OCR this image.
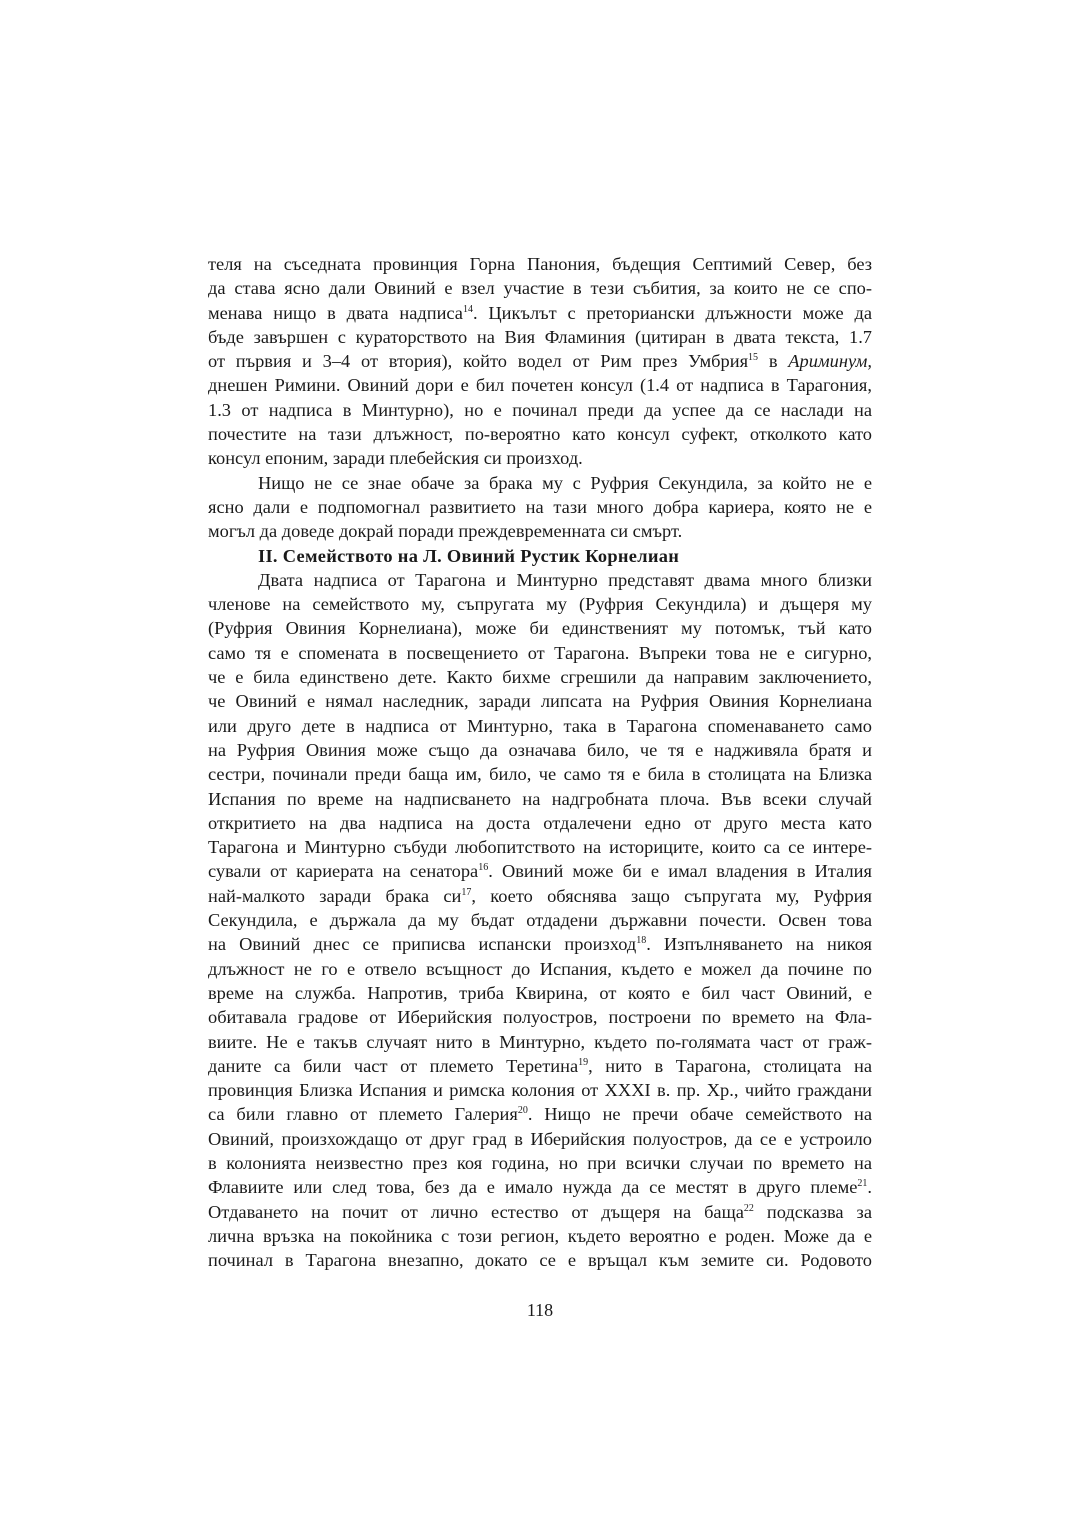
теля на съседната провинция Горна Панония, бъдещия Септимий Север, без
да става ясно дали Овиний е взел участие в тези събития, за които не се спо-
менава нищо в двата надписа$^{14}$. Цикълът с преториански длъжности може да
бъде завършен с кураторството на Вия Фламиния (цитиран в двата текста, 1.7
от първия и 3–4 от втория), който водел от Рим през Умбрия$^{15}$ в Ариминум,
днешен Римини. Овиний дори е бил почетен консул (1.4 от надписа в Тарагония,
1.3 от надписа в Минтурно), но е починал преди да успее да се наслади на
почестите на тази длъжност, по-вероятно като консул суфект, отколкото като
консул епоним, заради плебейския си произход.
Нищо не се знае обаче за брака му с Руфрия Секундила, за който не е
ясно дали е подпомогнал развитието на тази много добра кариера, която не е
могъл да доведе докрай поради преждевременната си смърт.
II. Семейството на Л. Овиний Рустик Корнелиан
Двата надписа от Тарагона и Минтурно представят двама много близки
членове на семейството му, съпругата му (Руфрия Секундила) и дъщеря му
(Руфрия Овиния Корнелиана), може би единственият му потомък, тъй като
само тя е спомената в посвещението от Тарагона. Въпреки това не е сигурно,
че е била единствено дете. Както бихме сгрешили да направим заключението,
че Овиний е нямал наследник, заради липсата на Руфрия Овиния Корнелиана
или друго дете в надписа от Минтурно, така в Тарагона споменаването само
на Руфрия Овиния може също да означава било, че тя е надживяла братя и
сестри, починали преди баща им, било, че само тя е била в столицата на Близка
Испания по време на надписването на надгробната плоча. Във всеки случай
откритието на два надписа на доста отдалечени едно от друго места като
Тарагона и Минтурно събуди любопитството на историците, които са се интере-
сували от кариерата на сенатора$^{16}$. Овиний може би е имал владения в Италия
най-малкото заради брака $си^{17}$, което обяснява защо съпругата му, Руфрия
Секундила, е държала да му бъдат отдадени държавни почести. Освен това
на Овиний днес се приписва испански произход$^{18}$. Изпълняването на никоя
длъжност не го е отвело всъщност до Испания, където е можел да почине по
време на служба. Напротив, триба Квирина, от която е бил част Овиний, е
обитавала градове от Иберийския полуостров, построени по времето на Фла-
виите. Не е такъв случаят нито в Минтурно, където по-голямата част от граж-
даните са били част от племето Теретина$^{19}$, нито в Тарагона, столицата на
провинция Близка Испания и римска колония от XXXI в. пр. Хр., чийто граждани
са били главно от племето Галерия$^{20}$. Нищо не пречи обаче семейството на
Овиний, произхождащо от друг град в Иберийския полуостров, да се е устроило
в колонията неизвестно през коя година, но при всички случаи по времето на
Флавиите или след това, без да е имало нужда да се местят в друго племе$^{21}$.
Отдаването на почит от лично естество от дъщеря на баща$^{22}$ подсказва за
лична връзка на покойника с този регион, където вероятно е роден. Може да е
починал в Тарагона внезапно, докато се е връщал към земите си. Родовото
118
